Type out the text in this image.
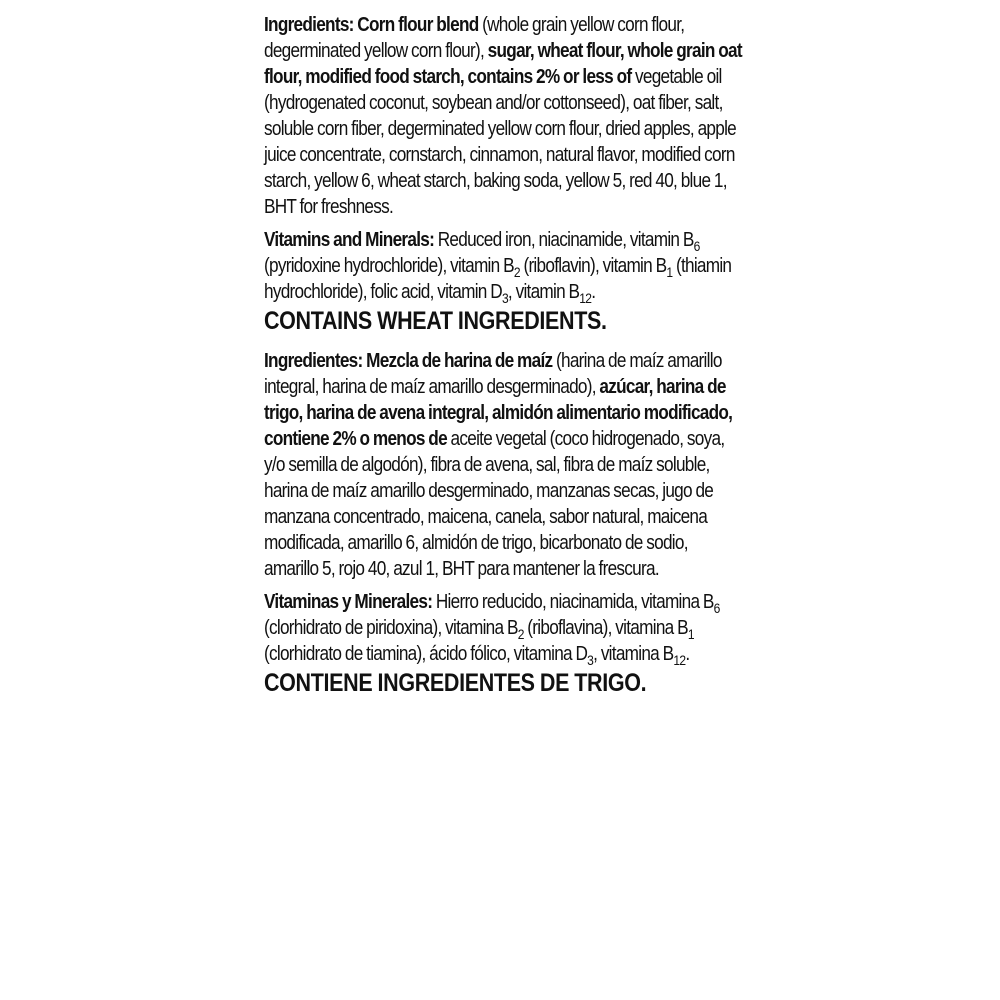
Ingredients: Corn flour blend (whole grain yellow corn flour, degerminated yellow corn flour), sugar, wheat flour, whole grain oat flour, modified food starch, contains 2% or less of vegetable oil (hydrogenated coconut, soybean and/or cottonseed), oat fiber, salt, soluble corn fiber, degerminated yellow corn flour, dried apples, apple juice concentrate, cornstarch, cinnamon, natural flavor, modified corn starch, yellow 6, wheat starch, baking soda, yellow 5, red 40, blue 1, BHT for freshness.

Vitamins and Minerals: Reduced iron, niacinamide, vitamin $B_6$ (pyridoxine hydrochloride), vitamin $B_2$ (riboflavin), vitamin $B_1$ (thiamin hydrochloride), folic acid, vitamin $D_3$, vitamin $B_{12}$.

CONTAINS WHEAT INGREDIENTS.

Ingredientes: Mezcla de harina de maíz (harina de maíz amarillo integral, harina de maíz amarillo desgerminado), azúcar, harina de trigo, harina de avena integral, almidón alimentario modificado, contiene 2% o menos de aceite vegetal (coco hidrogenado, soya, y/o semilla de algodón), fibra de avena, sal, fibra de maíz soluble, harina de maíz amarillo desgerminado, manzanas secas, jugo de manzana concentrado, maicena, canela, sabor natural, maicena modificada, amarillo 6, almidón de trigo, bicarbonato de sodio, amarillo 5, rojo 40, azul 1, BHT para mantener la frescura.

Vitaminas y Minerales: Hierro reducido, niacinamida, vitamina $B_6$ (clorhidrato de piridoxina), vitamina $B_2$ (riboflavina), vitamina $B_1$ (clorhidrato de tiamina), ácido fólico, vitamina $D_3$, vitamina $B_{12}$.

CONTIENE INGREDIENTES DE TRIGO.
